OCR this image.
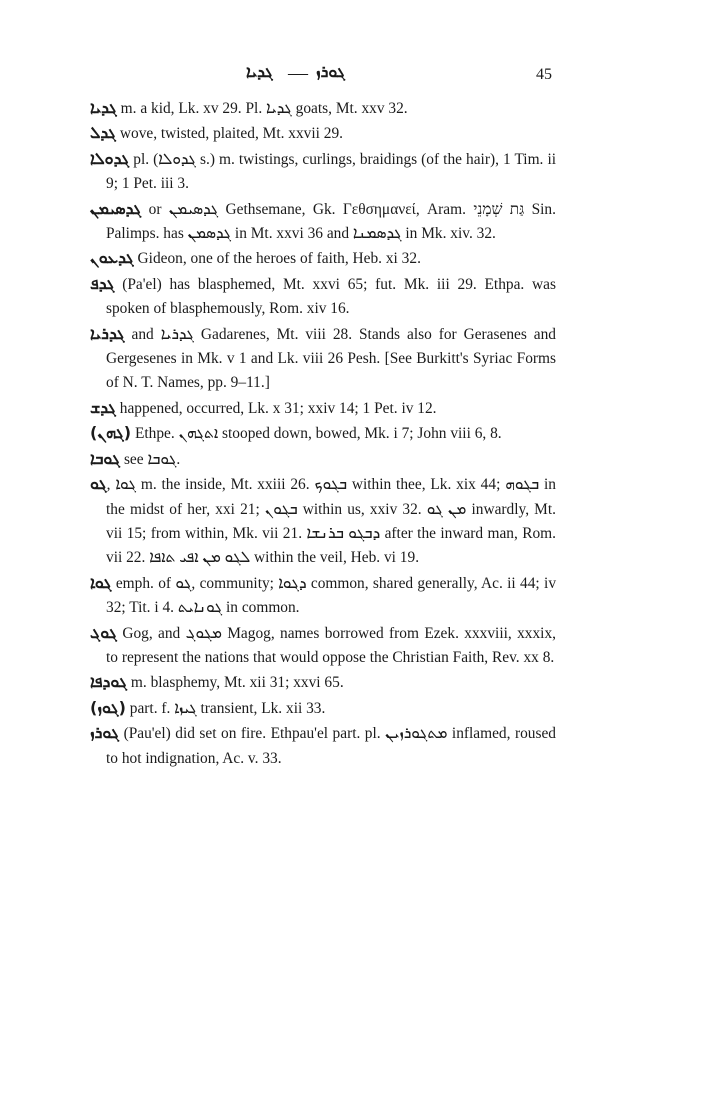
ܓܕܝܐ — ܓܘܪܙ	45
ܓܕܝܐ m. a kid, Lk. xv 29. Pl. ܓܕܝܐ goats, Mt. xxv 32.
ܓܕܠ wove, twisted, plaited, Mt. xxvii 29.
ܓܕܘܠܐ pl. (ܓܕܘܠܐ s.) m. twistings, curlings, braidings (of the hair), 1 Tim. ii 9; 1 Pet. iii 3.
ܓܕܣܝܡܢ or ܓܕܣܝܡܢ Gethsemane, Gk. Γεθσημανεί, Aram. גַּת שְׁמָנֵי Sin. Palimps. has ܓܕܣܡܢ in Mt. xxvi 36 and ܓܕܣܡܢܐ in Mk. xiv. 32.
ܓܕܥܘܢ Gideon, one of the heroes of faith, Heb. xi 32.
ܓܕܦ (Pa'el) has blasphemed, Mt. xxvi 65; fut. Mk. iii 29. Ethpa. was spoken of blasphemously, Rom. xiv 16.
ܓܕܪܝܐ and ܓܕܪܝܐ Gadarenes, Mt. viii 28. Stands also for Gerasenes and Gergesenes in Mk. v 1 and Lk. viii 26 Pesh. [See Burkitt's Syriac Forms of N. T. Names, pp. 9–11.]
ܓܕܫ happened, occurred, Lk. x 31; xxiv 14; 1 Pet. iv 12.
(ܓܗܢ) Ethpe. ܐܬܓܗܢ stooped down, bowed, Mk. i 7; John viii 6, 8.
ܓܘܒܐ see ܓܘܒܐ.
ܓܘ, ܓܘܐ m. the inside, Mt. xxiii 26. ܒܓܘܟ within thee, Lk. xix 44; ܒܓܘܗ in the midst of her, xxi 21; ܒܓܘܢ within us, xxiv 32. ܡܢ ܓܘ inwardly, Mt. vii 15; from within, Mk. vii 21. ܕܒܓܘ ܒܪܢܫܐ after the inward man, Rom. vii 22. ܠܓܘ ܡܢ ܐܦܝ ܬܐܦܐ within the veil, Heb. vi 19.
ܓܘܐ emph. of ܓܘ, community; ܕܓܘܐ common, shared generally, Ac. ii 44; iv 32; Tit. i 4. ܓܘܢܐܝܬ in common.
ܓܘܓ Gog, and ܡܓܘܓ Magog, names borrowed from Ezek. xxxviii, xxxix, to represent the nations that would oppose the Christian Faith, Rev. xx 8.
ܓܘܕܦܐ m. blasphemy, Mt. xii 31; xxvi 65.
(ܓܘܙ) part. f. ܓܝܙܐ transient, Lk. xii 33.
ܓܘܪܙ (Pau'el) did set on fire. Ethpau'el part. pl. ܡܬܓܘܪܙܝܢ inflamed, roused to hot indignation, Ac. v. 33.
